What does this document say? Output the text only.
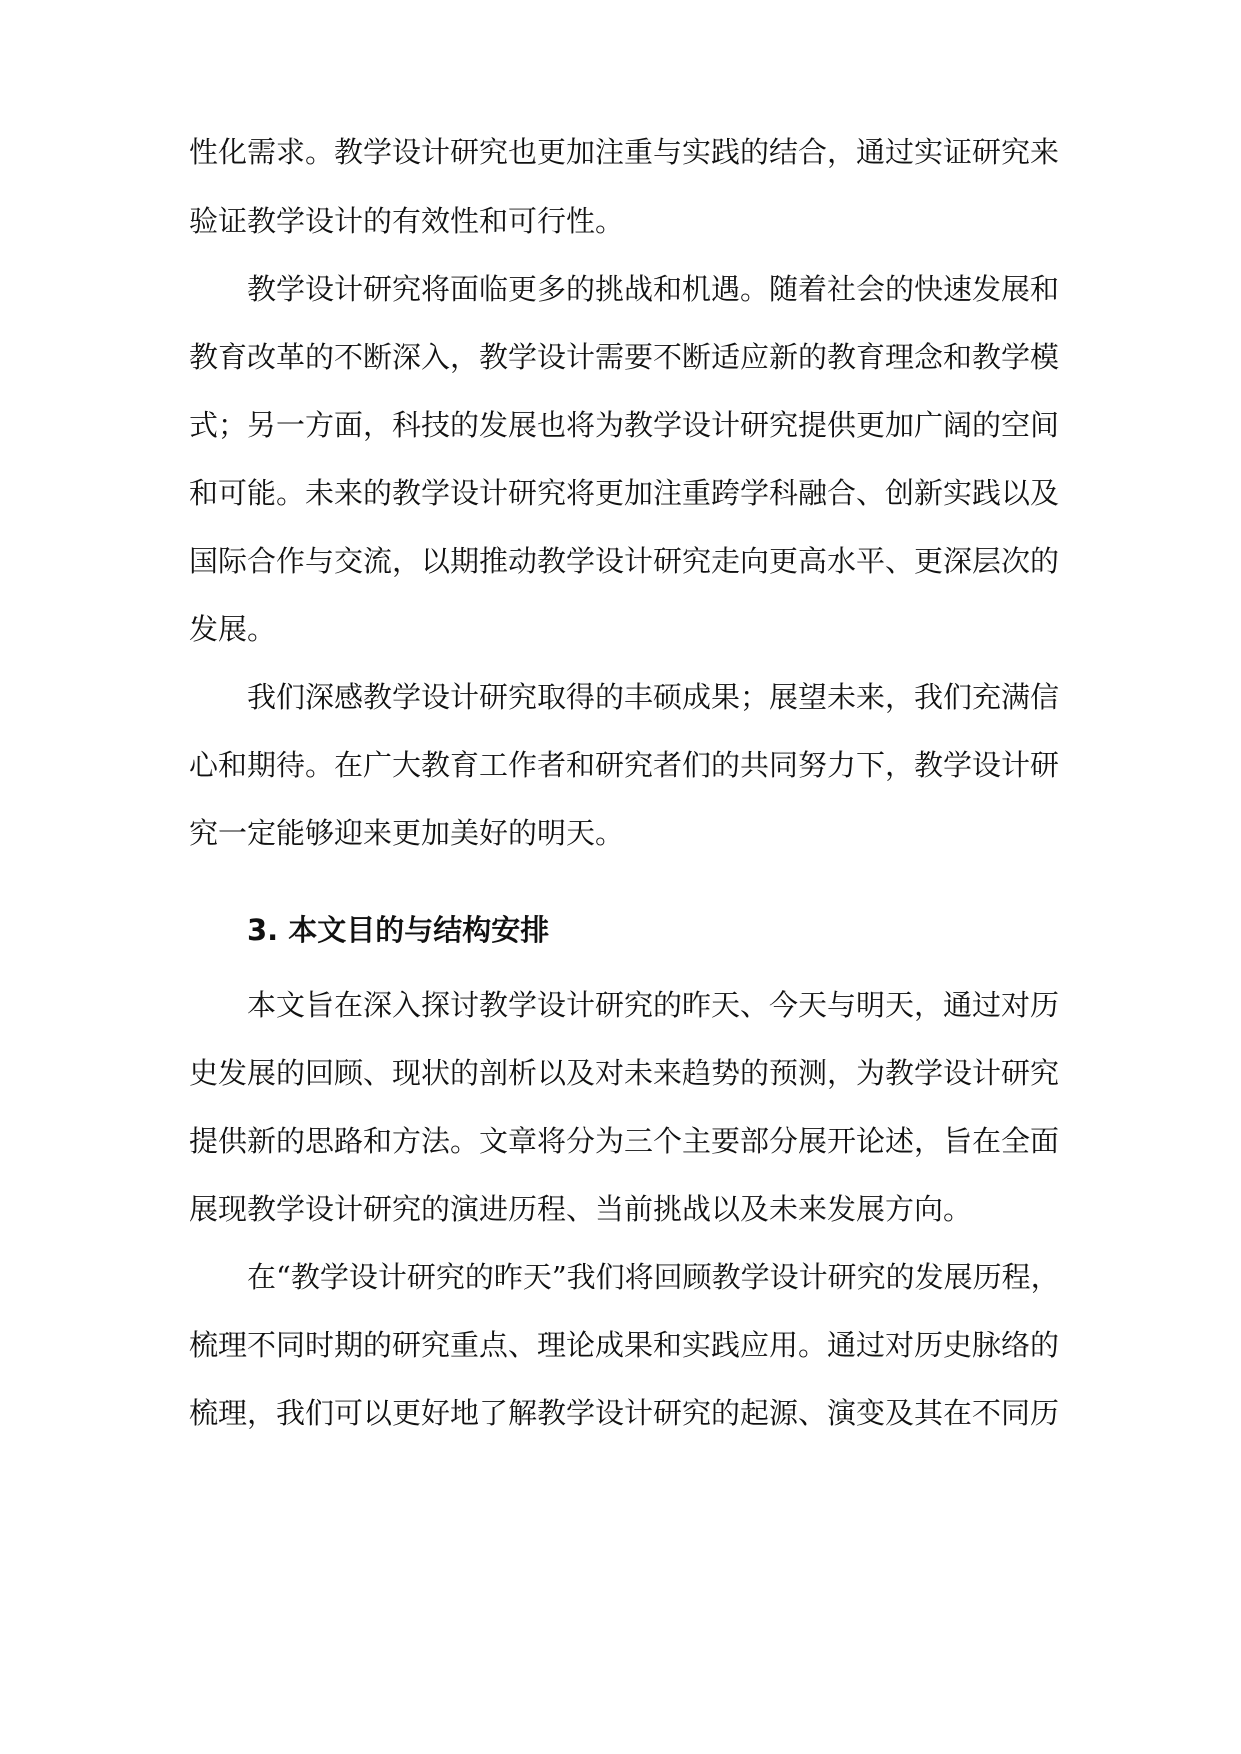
性化需求。教学设计研究也更加注重与实践的结合，通过实证研究来
验证教学设计的有效性和可行性。
教学设计研究将面临更多的挑战和机遇。随着社会的快速发展和
教育改革的不断深入，教学设计需要不断适应新的教育理念和教学模
式；另一方面，科技的发展也将为教学设计研究提供更加广阔的空间
和可能。未来的教学设计研究将更加注重跨学科融合、创新实践以及
国际合作与交流，以期推动教学设计研究走向更高水平、更深层次的
发展。
我们深感教学设计研究取得的丰硕成果；展望未来，我们充满信
心和期待。在广大教育工作者和研究者们的共同努力下，教学设计研
究一定能够迎来更加美好的明天。
3. 本文目的与结构安排
本文旨在深入探讨教学设计研究的昨天、今天与明天，通过对历
史发展的回顾、现状的剖析以及对未来趋势的预测，为教学设计研究
提供新的思路和方法。文章将分为三个主要部分展开论述，旨在全面
展现教学设计研究的演进历程、当前挑战以及未来发展方向。
在“教学设计研究的昨天”我们将回顾教学设计研究的发展历程，
梳理不同时期的研究重点、理论成果和实践应用。通过对历史脉络的
梳理，我们可以更好地了解教学设计研究的起源、演变及其在不同历
